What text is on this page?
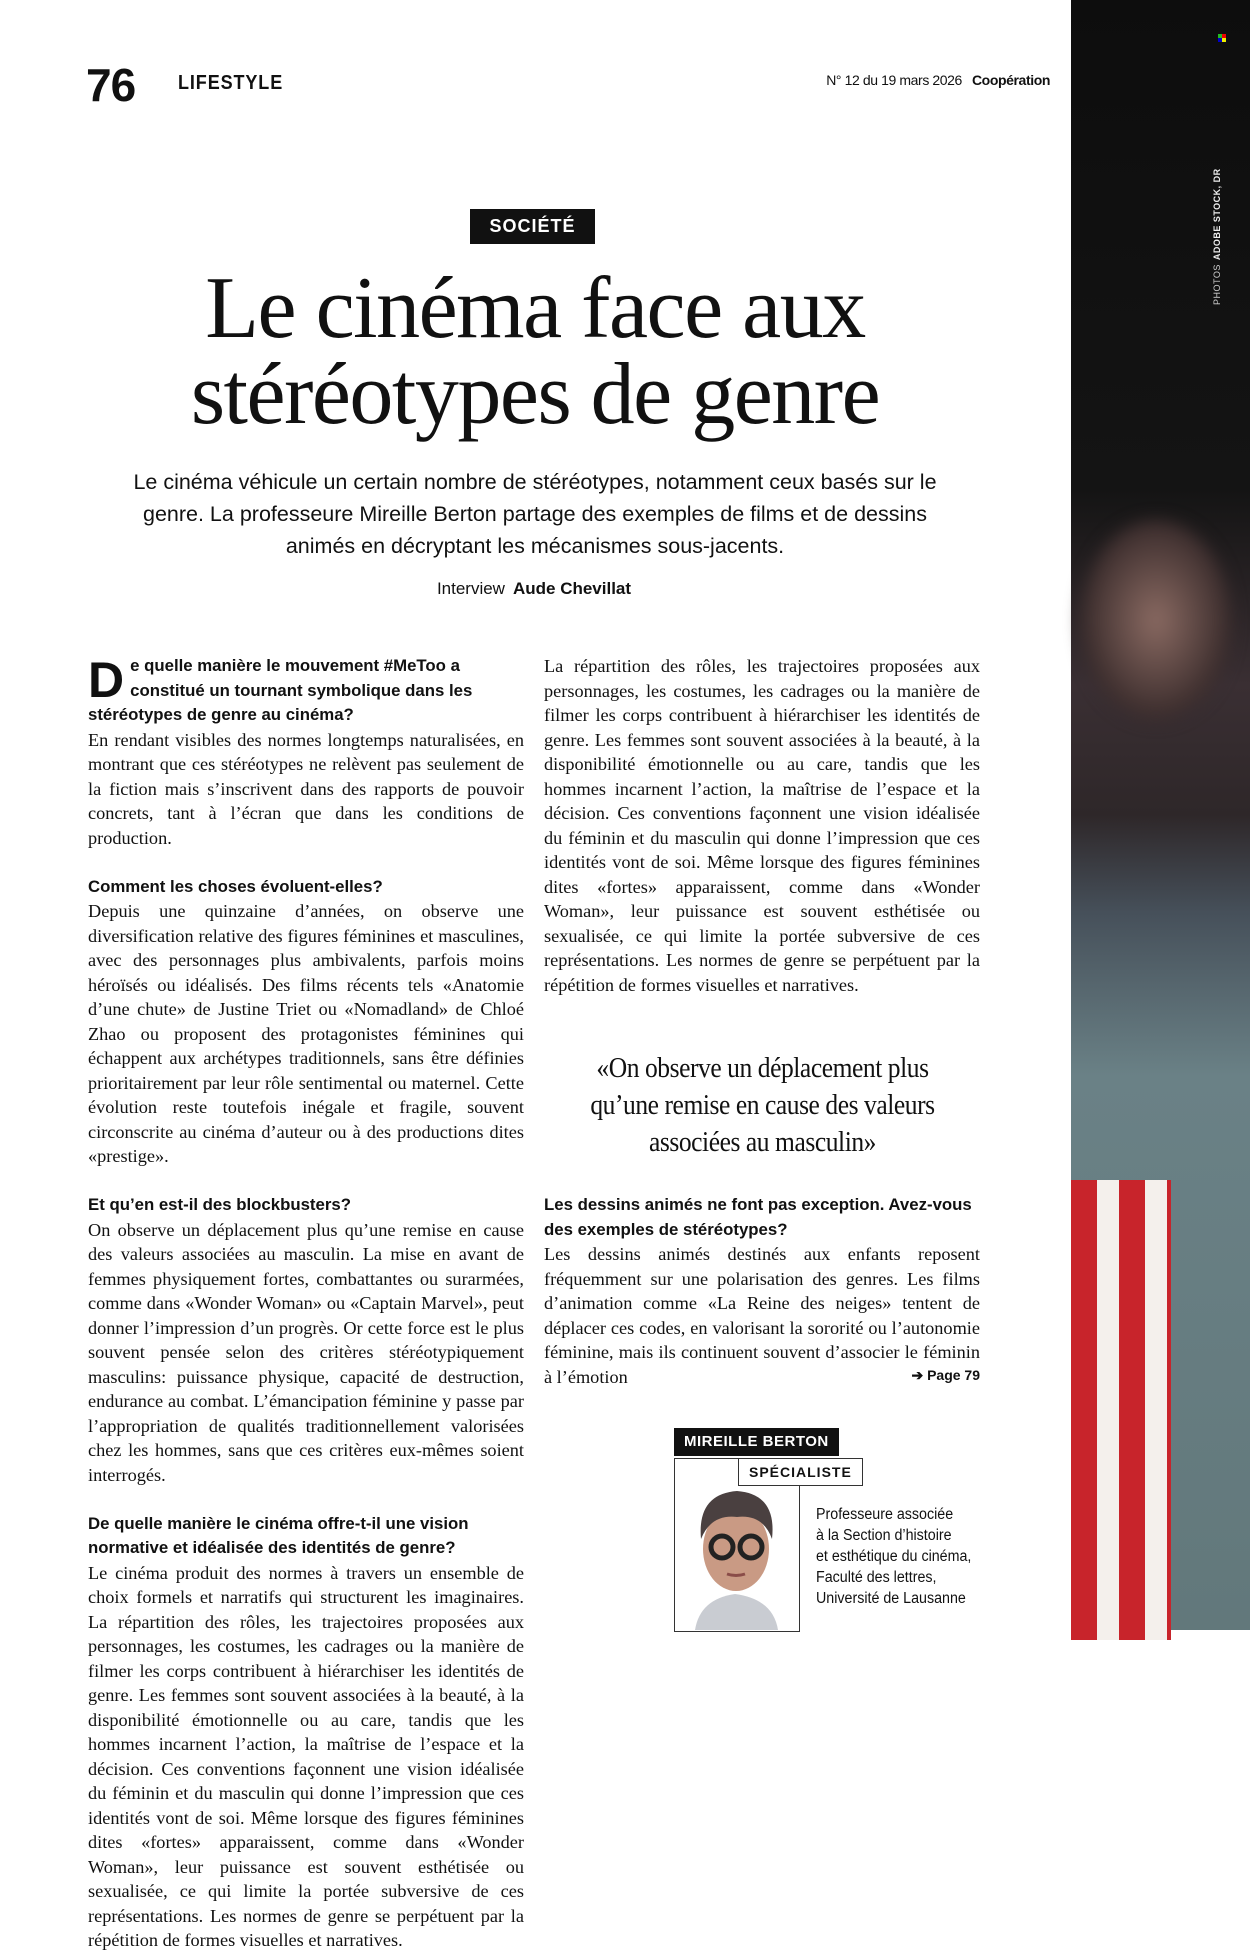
76 LIFESTYLE	N° 12 du 19 mars 2026 Coopération
SOCIÉTÉ
Le cinéma face aux
stéréotypes de genre
Le cinéma véhicule un certain nombre de stéréotypes, notamment ceux basés sur le genre. La professeure Mireille Berton partage des exemples de films et de dessins animés en décryptant les mécanismes sous-jacents.
Interview Aude Chevillat
De quelle manière le mouvement #MeToo a constitué un tournant symbolique dans les stéréotypes de genre au cinéma?
En rendant visibles des normes longtemps naturalisées, en montrant que ces stéréotypes ne relèvent pas seulement de la fiction mais s’inscrivent dans des rapports de pouvoir concrets, tant à l’écran que dans les conditions de production.
Comment les choses évoluent-elles?
Depuis une quinzaine d’années, on observe une diversification relative des figures féminines et masculines, avec des personnages plus ambivalents, parfois moins héroïsés ou idéalisés. Des films récents tels «Anatomie d’une chute» de Justine Triet ou «Nomadland» de Chloé Zhao ou proposent des protagonistes féminines qui échappent aux archétypes traditionnels, sans être définies prioritairement par leur rôle sentimental ou maternel. Cette évolution reste toutefois inégale et fragile, souvent circonscrite au cinéma d’auteur ou à des productions dites «prestige».
Et qu’en est-il des blockbusters?
On observe un déplacement plus qu’une remise en cause des valeurs associées au masculin. La mise en avant de femmes physiquement fortes, combattantes ou surarmées, comme dans «Wonder Woman» ou «Captain Marvel», peut donner l’impression d’un progrès. Or cette force est le plus souvent pensée selon des critères stéréotypiquement masculins: puissance physique, capacité de destruction, endurance au combat. L’émancipation féminine y passe par l’appropriation de qualités traditionnellement valorisées chez les hommes, sans que ces critères eux-mêmes soient interrogés.
De quelle manière le cinéma offre-t-il une vision normative et idéalisée des identités de genre?
Le cinéma produit des normes à travers un ensemble de choix formels et narratifs qui structurent les imaginaires. La répartition des rôles, les trajectoires proposées aux personnages, les costumes, les cadrages ou la manière de filmer les corps contribuent à hiérarchiser les identités de genre. Les femmes sont souvent associées à la beauté, à la disponibilité émotionnelle ou au care, tandis que les hommes incarnent l’action, la maîtrise de l’espace et la décision. Ces conventions façonnent une vision idéalisée du féminin et du masculin qui donne l’impression que ces identités vont de soi. Même lorsque des figures féminines dites «fortes» apparaissent, comme dans «Wonder Woman», leur puissance est souvent esthétisée ou sexualisée, ce qui limite la portée subversive de ces représentations. Les normes de genre se perpétuent par la répétition de formes visuelles et narratives.
La répartition des rôles, les trajectoires proposées aux personnages, les costumes, les cadrages ou la manière de filmer les corps contribuent à hiérarchiser les identités de genre. Les femmes sont souvent associées à la beauté, à la disponibilité émotionnelle ou au care, tandis que les hommes incarnent l’action, la maîtrise de l’espace et la décision. Ces conventions façonnent une vision idéalisée du féminin et du masculin qui donne l’impression que ces identités vont de soi. Même lorsque des figures féminines dites «fortes» apparaissent, comme dans «Wonder Woman», leur puissance est souvent esthétisée ou sexualisée, ce qui limite la portée subversive de ces représentations. Les normes de genre se perpétuent par la répétition de formes visuelles et narratives.
«On observe un déplacement plus qu’une remise en cause des valeurs associées au masculin»
Les dessins animés ne font pas exception. Avez-vous des exemples de stéréotypes?
Les dessins animés destinés aux enfants reposent fréquemment sur une polarisation des genres. Les films d’animation comme «La Reine des neiges» tentent de déplacer ces codes, en valorisant la sororité ou l’autonomie féminine, mais ils continuent souvent d’associer le féminin à l’émotion	➔ Page 79
MIREILLE BERTON
SPÉCIALISTE
Professeure associée
à la Section d’histoire
et esthétique du cinéma,
Faculté des lettres,
Université de Lausanne
PHOTOSADOBE STOCK, DR
